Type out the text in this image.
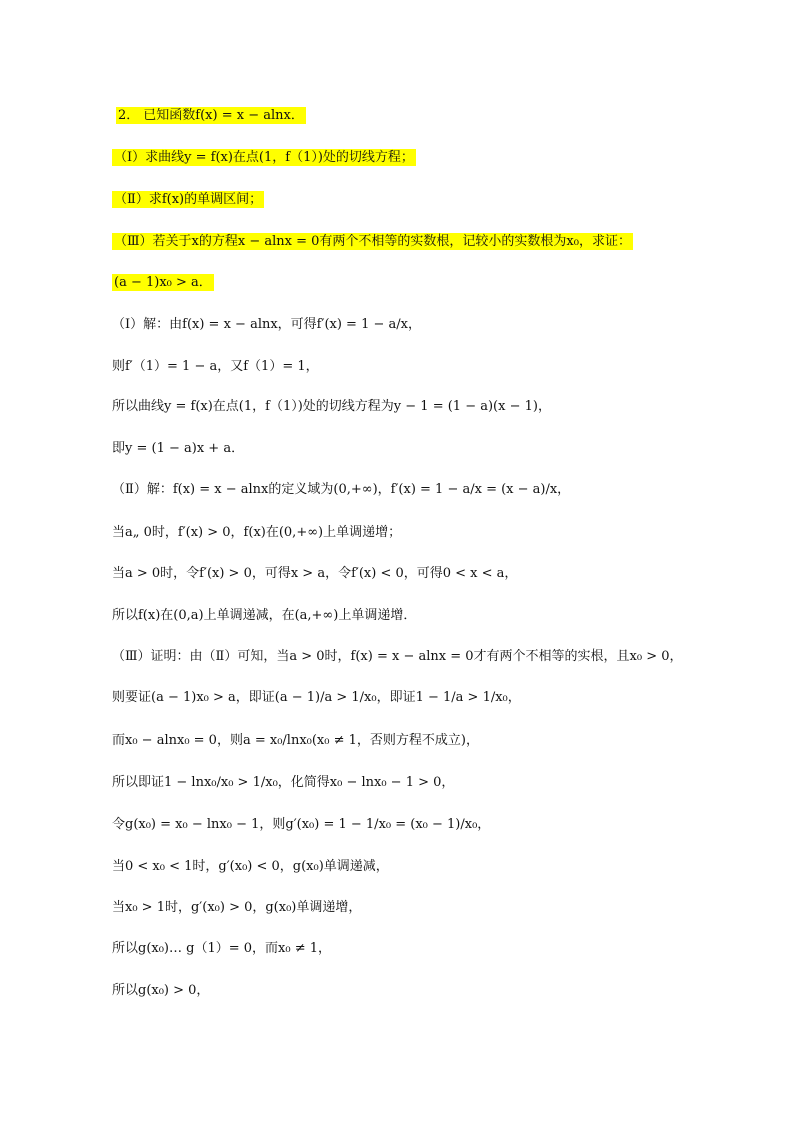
2． 已知函数f(x) = x − alnx．
（Ⅰ）求曲线y = f(x)在点(1，f（1）)处的切线方程；
（Ⅱ）求f(x)的单调区间；
（Ⅲ）若关于x的方程x − alnx = 0有两个不相等的实数根，记较小的实数根为x₀，求证：
(a − 1)x₀ > a．
（Ⅰ）解：由f(x) = x − alnx，可得f′(x) = 1 − a/x，
则f′（1）= 1 − a，又f（1）= 1，
所以曲线y = f(x)在点(1，f（1）)处的切线方程为y − 1 = (1 − a)(x − 1)，
即y = (1 − a)x + a．
（Ⅱ）解：f(x) = x − alnx的定义域为(0,+∞)，f′(x) = 1 − a/x = (x − a)/x，
当a„ 0时，f′(x) > 0，f(x)在(0,+∞)上单调递增；
当a > 0时，令f′(x) > 0，可得x > a，令f′(x) < 0，可得0 < x < a，
所以f(x)在(0,a)上单调递减，在(a,+∞)上单调递增．
（Ⅲ）证明：由（Ⅱ）可知，当a > 0时，f(x) = x − alnx = 0才有两个不相等的实根，且x₀ > 0，
则要证(a − 1)x₀ > a，即证(a − 1)/a > 1/x₀，即证1 − 1/a > 1/x₀，
而x₀ − alnx₀ = 0，则a = x₀/lnx₀(x₀ ≠ 1，否则方程不成立)，
所以即证1 − lnx₀/x₀ > 1/x₀，化简得x₀ − lnx₀ − 1 > 0，
令g(x₀) = x₀ − lnx₀ − 1，则g′(x₀) = 1 − 1/x₀ = (x₀ − 1)/x₀，
当0 < x₀ < 1时，g′(x₀) < 0，g(x₀)单调递减，
当x₀ > 1时，g′(x₀) > 0，g(x₀)单调递增，
所以g(x₀)… g（1）= 0，而x₀ ≠ 1，
所以g(x₀) > 0，
